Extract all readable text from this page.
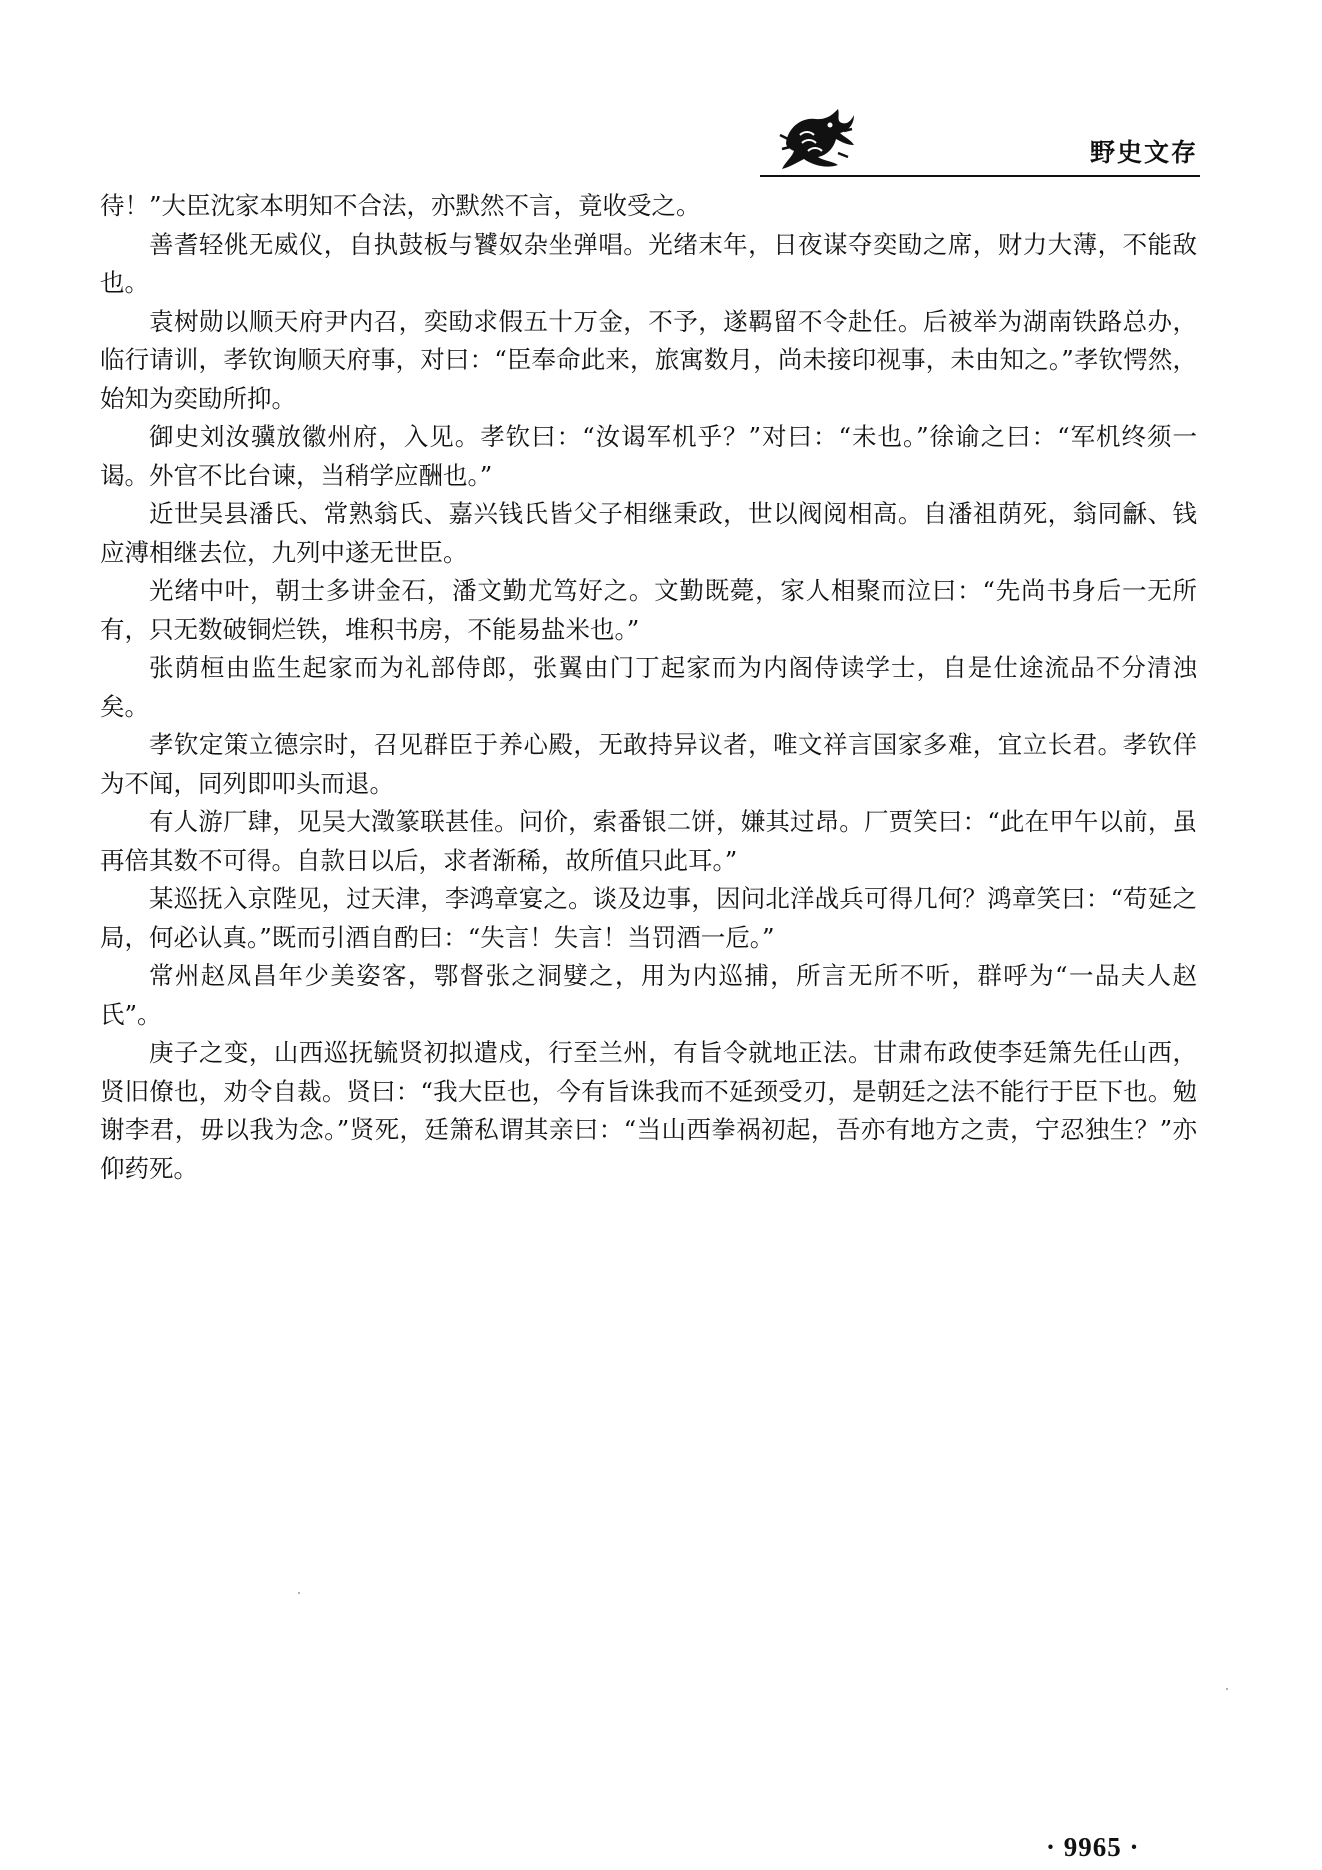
野史文存

待！”大臣沈家本明知不合法，亦默然不言，竟收受之。

善耆轻佻无威仪，自执鼓板与饕奴杂坐弹唱。光绪末年，日夜谋夺奕劻之席，财力大薄，不能敌也。

袁树勋以顺天府尹内召，奕劻求假五十万金，不予，遂羁留不令赴任。后被举为湖南铁路总办，临行请训，孝钦询顺天府事，对曰：“臣奉命此来，旅寓数月，尚未接印视事，未由知之。”孝钦愕然，始知为奕劻所抑。

御史刘汝骥放徽州府，入见。孝钦曰：“汝谒军机乎？”对曰：“未也。”徐谕之曰：“军机终须一谒。外官不比台谏，当稍学应酬也。”

近世吴县潘氏、常熟翁氏、嘉兴钱氏皆父子相继秉政，世以阀阅相高。自潘祖荫死，翁同龢、钱应溥相继去位，九列中遂无世臣。

光绪中叶，朝士多讲金石，潘文勤尤笃好之。文勤既薨，家人相聚而泣曰：“先尚书身后一无所有，只无数破铜烂铁，堆积书房，不能易盐米也。”

张荫桓由监生起家而为礼部侍郎，张翼由门丁起家而为内阁侍读学士，自是仕途流品不分清浊矣。

孝钦定策立德宗时，召见群臣于养心殿，无敢持异议者，唯文祥言国家多难，宜立长君。孝钦佯为不闻，同列即叩头而退。

有人游厂肆，见吴大澂篆联甚佳。问价，索番银二饼，嫌其过昂。厂贾笑曰：“此在甲午以前，虽再倍其数不可得。自款日以后，求者渐稀，故所值只此耳。”

某巡抚入京陛见，过天津，李鸿章宴之。谈及边事，因问北洋战兵可得几何？鸿章笑曰：“苟延之局，何必认真。”既而引酒自酌曰：“失言！失言！当罚酒一卮。”

常州赵凤昌年少美姿客，鄂督张之洞嬖之，用为内巡捕，所言无所不听，群呼为“一品夫人赵氏”。

庚子之变，山西巡抚毓贤初拟遣戍，行至兰州，有旨令就地正法。甘肃布政使李廷箫先任山西，贤旧僚也，劝令自裁。贤曰：“我大臣也，今有旨诛我而不延颈受刃，是朝廷之法不能行于臣下也。勉谢李君，毋以我为念。”贤死，廷箫私谓其亲曰：“当山西拳祸初起，吾亦有地方之责，宁忍独生？”亦仰药死。

· 9965 ·
